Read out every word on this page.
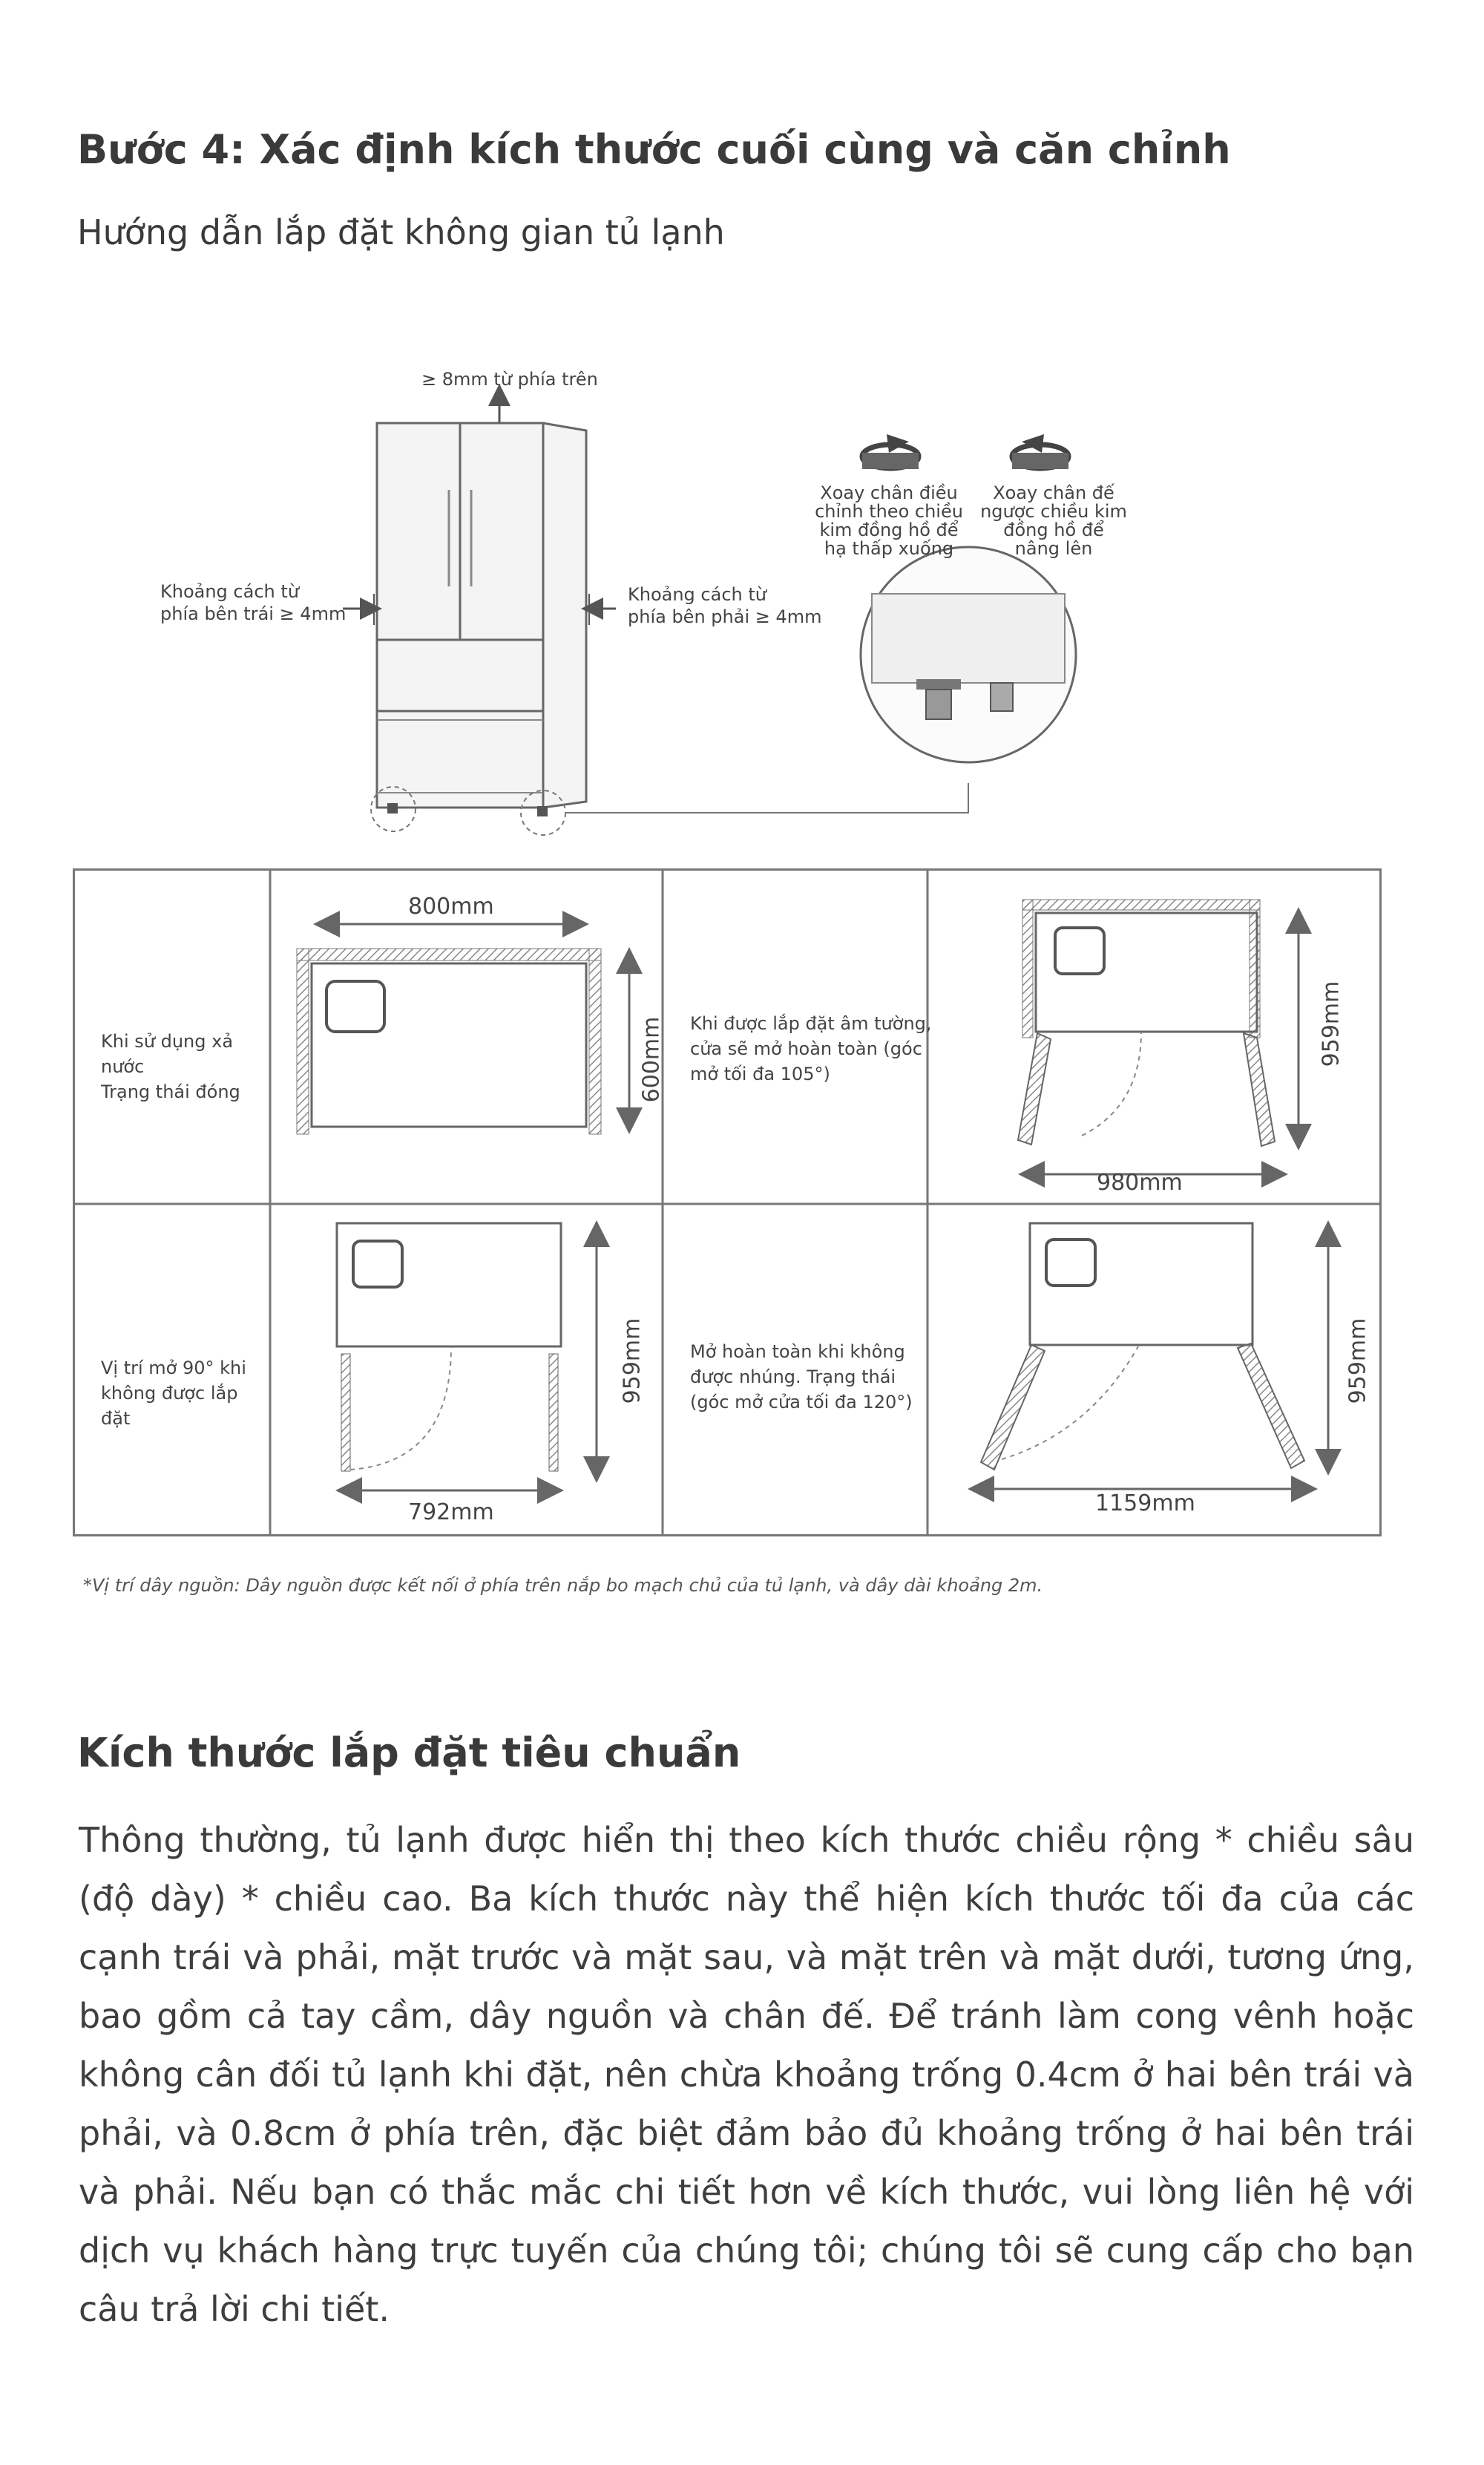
Bước 4: Xác định kích thước cuối cùng và căn chỉnh
Hướng dẫn lắp đặt không gian tủ lạnh
≥ 8mm từ phía trên
Khoảng cách từ
phía bên trái ≥ 4mm
Khoảng cách từ
phía bên phải ≥ 4mm
Xoay chân điều
chỉnh theo chiều
kim đồng hồ để
hạ thấp xuống
Xoay chân đế
ngược chiều kim
đồng hồ để
nâng lên
Khi sử dụng xả nước
Trạng thái đóng
800mm
600mm Khi được lắp đặt âm tường,
cửa sẽ mở hoàn toàn (góc
mở tối đa 105°)
980mm
959mm
Vị trí mở 90° khi
không được lắp đặt
792mm
959mm	Mở hoàn toàn khi không
được nhúng. Trạng thái
(góc mở cửa tối đa 120°)
1159mm
959mm
*Vị trí dây nguồn: Dây nguồn được kết nối ở phía trên nắp bo mạch chủ của tủ lạnh, và dây dài khoảng 2m.
Kích thước lắp đặt tiêu chuẩn
Thông thường, tủ lạnh được hiển thị theo kích thước chiều rộng * chiều sâu (độ dày) * chiều cao. Ba kích thước này thể hiện kích thước tối đa của các cạnh trái và phải, mặt trước và mặt sau, và mặt trên và mặt dưới, tương ứng, bao gồm cả tay cầm, dây nguồn và chân đế. Để tránh làm cong vênh hoặc không cân đối tủ lạnh khi đặt, nên chừa khoảng trống 0.4cm ở hai bên trái và phải, và 0.8cm ở phía trên, đặc biệt đảm bảo đủ khoảng trống ở hai bên trái và phải. Nếu bạn có thắc mắc chi tiết hơn về kích thước, vui lòng liên hệ với dịch vụ khách hàng trực tuyến của chúng tôi; chúng tôi sẽ cung cấp cho bạn câu trả lời chi tiết.
